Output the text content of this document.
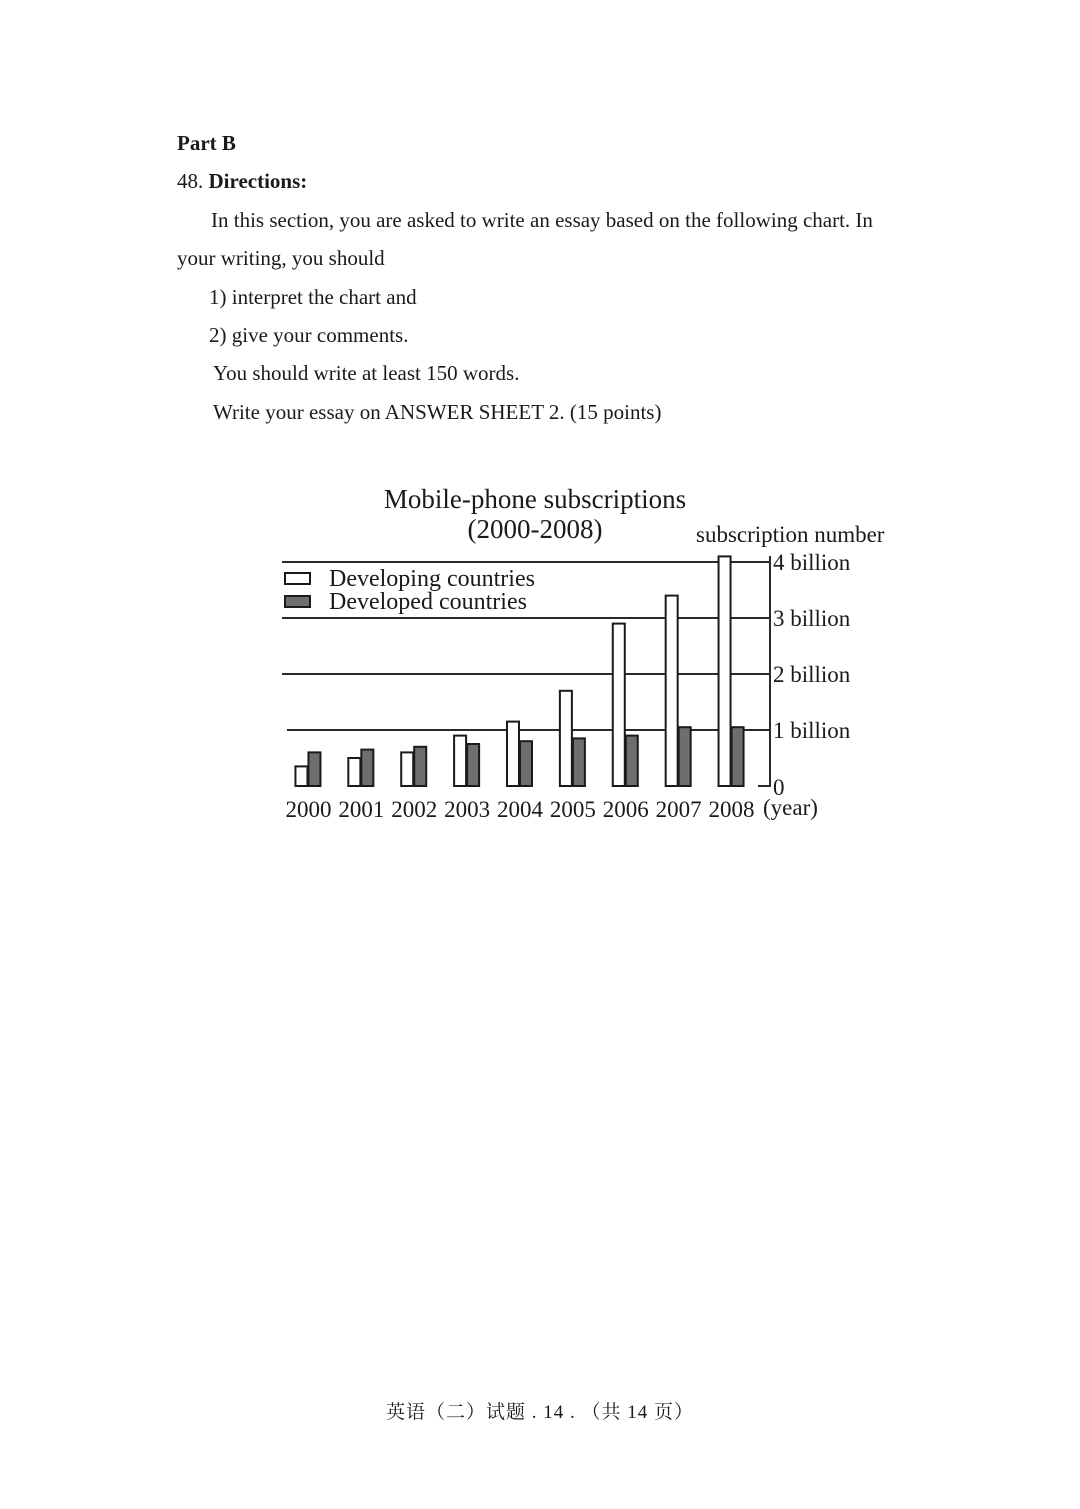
Part B
48. Directions:
In this section, you are asked to write an essay based on the following chart. In
your writing, you should
1) interpret the chart and
2) give your comments.
You should write at least 150 words.
Write your essay on ANSWER SHEET 2. (15 points)
Mobile-phone subscriptions
(2000-2008)	subscription number
0
1 billion
2 billion
3 billion
4 billion
2000 2001 2002 2003 2004 2005 2006 2007 2008 (year)
Developing countries
Developed countries
英语（二）试题 . 14 . （共 14 页）
